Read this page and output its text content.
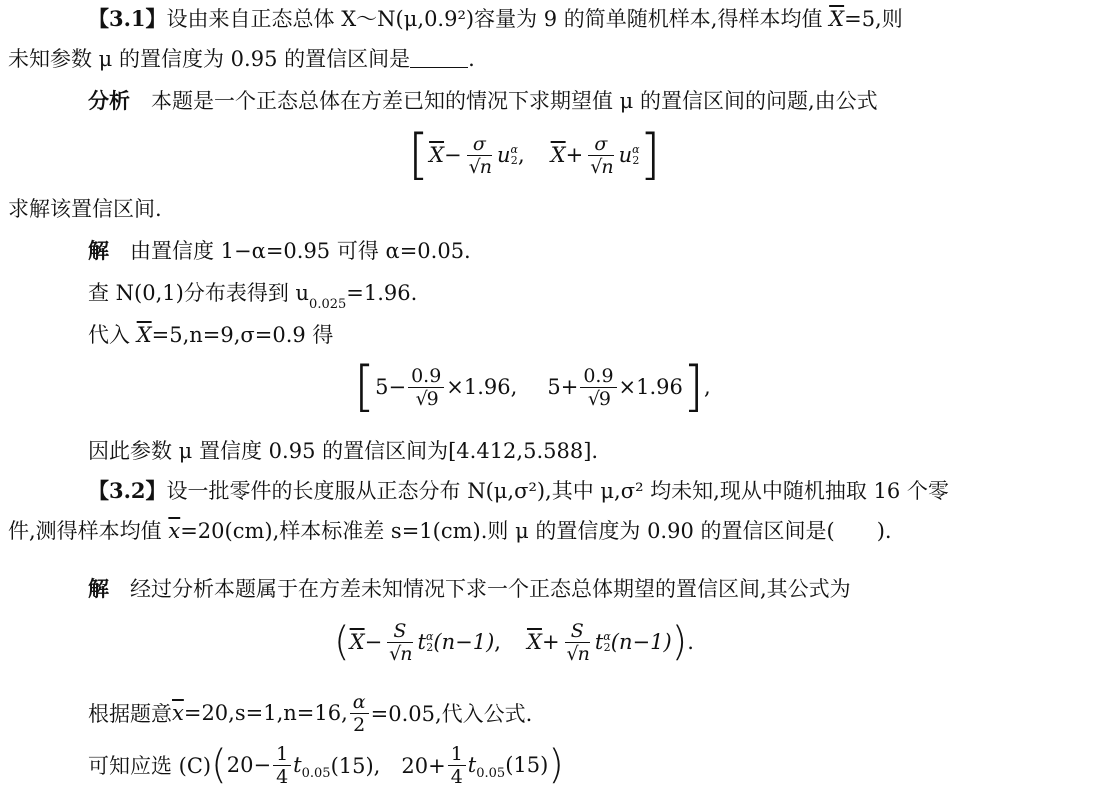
【3.1】设由来自正态总体 X～N(μ,0.9²)容量为 9 的简单随机样本,得样本均值 $\overline{X}=5$,则
未知参数 μ 的置信度为 0.95 的置信区间是	.
分析　 本题是一个正态总体在方差已知的情况下求期望值 μ 的置信区间的问题,由公式
[ $\overline{X} - \sigma$
√ n u α
2 , $\overline{X} + \sigma$
√ n u α
2 ]
求解该置信区间.
解　 由置信度 1−α=0.95 可得 α=0.05.
查 N(0,1)分布表得到 $u_{0.025}=1.96$.
代入 $\overline{X}=5,n=9,\sigma=0.9$ 得
[ 5 − 0.9
√ 9 ×1.96 , 5 + 0.9
√ 9 ×1.96 ] ,
因此参数 μ 置信度 0.95 的置信区间为[4.412,5.588].
【3.2】设一批零件的长度服从正态分布 N(μ,σ²),其中 μ,σ² 均未知,现从中随机抽取 16 个零
件,测得样本均值 $\overline{x}=20(cm)$,样本标准差 s=1(cm).则 μ 的置信度为 0.90 的置信区间是(　　).
解　 经过分析本题属于在方差未知情况下求一个正态总体期望的置信区间,其公式为
( $\overline{X} - S$
√ n t α
2 (n−1) , $\overline{X} + S$
√ n t α
2 (n−1) ) .
根据题意 $\overline{x} =20,s=1,n=16$, $\frac{\alpha}{2} =0.05$,代入公式.
可知应选 (C) ( $20- \frac{1}{4}$ t 0.05 (15),　$20+ \frac{1}{4}$ t 0.05 (15) )
